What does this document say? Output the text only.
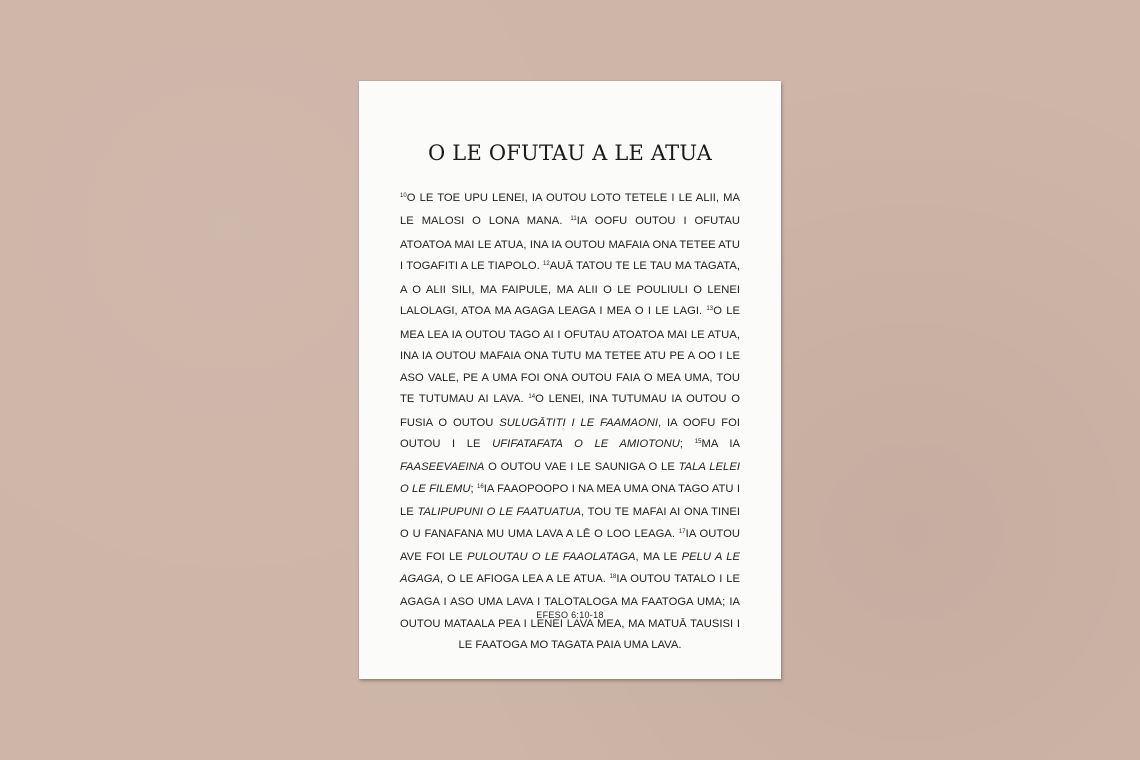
O LE OFUTAU A LE ATUA

$^{10}$O LE TOE UPU LENEI, IA OUTOU LOTO TETELE I LE ALII, MA LE MALOSI O LONA MANA. $^{11}$IA OOFU OUTOU I OFUTAU ATOATOA MAI LE ATUA, INA IA OUTOU MAFAIA ONA TETEE ATU I TOGAFITI A LE TIAPOLO. $^{12}$AUĀ TATOU TE LE TAU MA TAGATA, A O ALII SILI, MA FAIPULE, MA ALII O LE POULIULI O LENEI LALOLAGI, ATOA MA AGAGA LEAGA I MEA O I LE LAGI. $^{13}$O LE MEA LEA IA OUTOU TAGO AI I OFUTAU ATOATOA MAI LE ATUA, INA IA OUTOU MAFAIA ONA TUTU MA TETEE ATU PE A OO I LE ASO VALE, PE A UMA FOI ONA OUTOU FAIA O MEA UMA, TOU TE TUTUMAU AI LAVA. $^{14}$O LENEI, INA TUTUMAU IA OUTOU O FUSIA O OUTOU SULUGĀTITI I LE FAAMAONI, IA OOFU FOI OUTOU I LE UFIFATAFATA O LE AMIOTONU; $^{15}$MA IA FAASEEVAEINA O OUTOU VAE I LE SAUNIGA O LE TALA LELEI O LE FILEMU; $^{16}$IA FAAOPOOPO I NA MEA UMA ONA TAGO ATU I LE TALIPUPUNI O LE FAATUATUA, TOU TE MAFAI AI ONA TINEI O U FANAFANA MU UMA LAVA A LĒ O LOO LEAGA. $^{17}$IA OUTOU AVE FOI LE PULOUTAU O LE FAAOLATAGA, MA LE PELU A LE AGAGA, O LE AFIOGA LEA A LE ATUA. $^{18}$IA OUTOU TATALO I LE AGAGA I ASO UMA LAVA I TALOTALOGA MA FAATOGA UMA; IA OUTOU MATAALA PEA I LENEI LAVA MEA, MA MATUĀ TAUSISI I LE FAATOGA MO TAGATA PAIA UMA LAVA.

EFESO 6:10-18
